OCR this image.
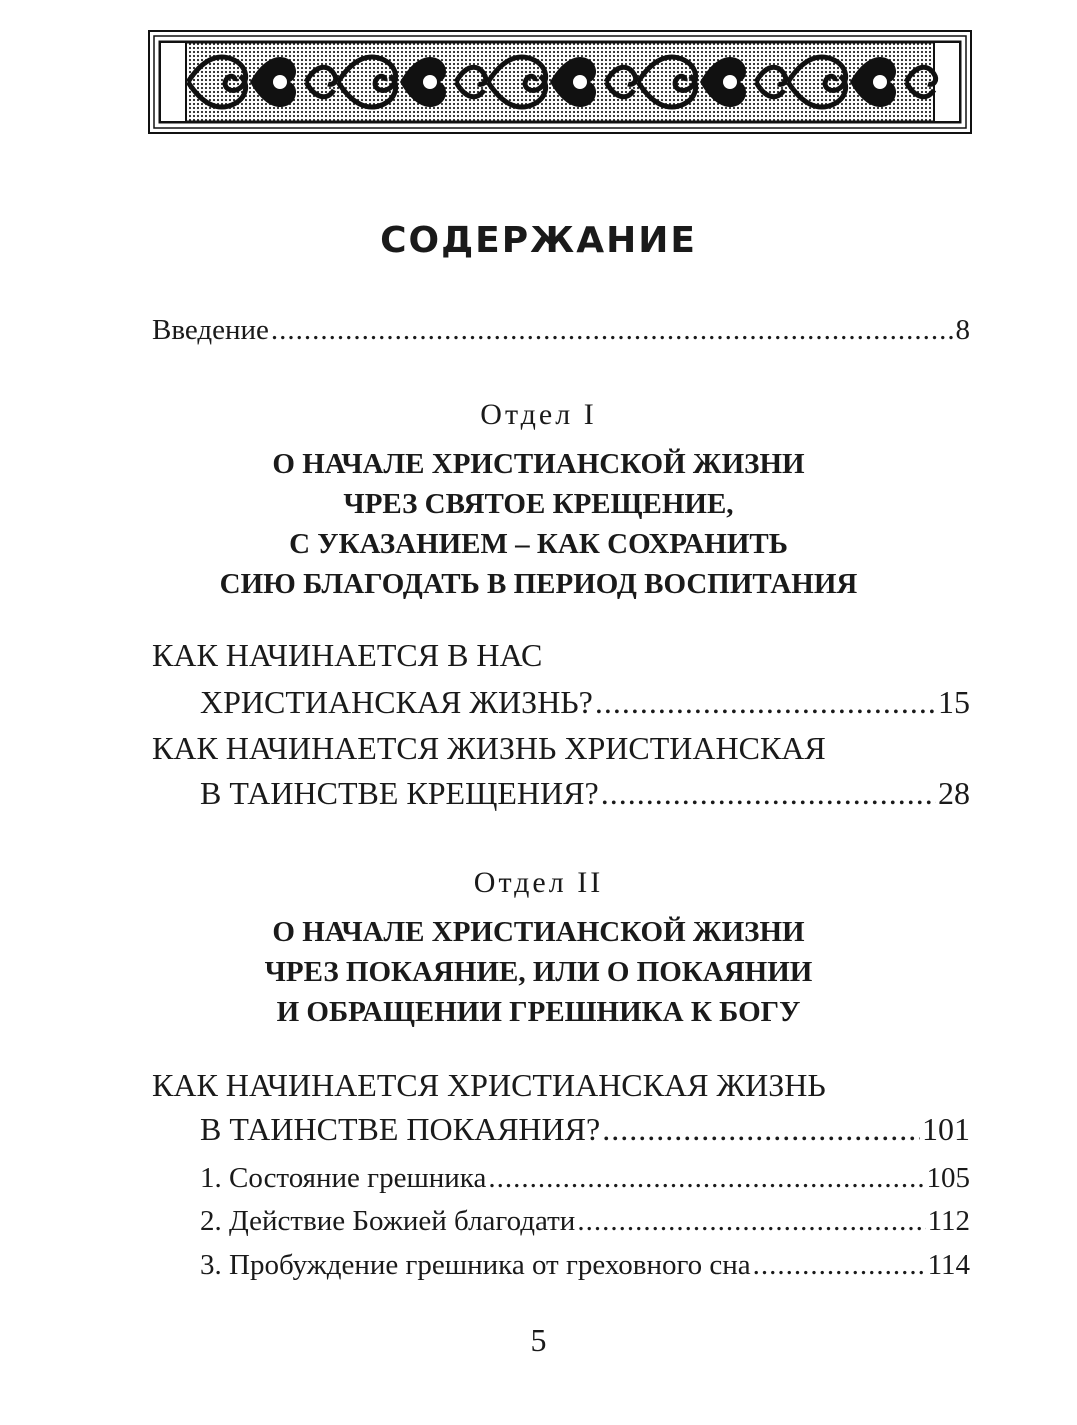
СОДЕРЖАНИЕ
Введение .....	8
Отдел I
О НАЧАЛЕ ХРИСТИАНСКОЙ ЖИЗНИ
ЧРЕЗ СВЯТОЕ КРЕЩЕНИЕ,
С УКАЗАНИЕМ – КАК СОХРАНИТЬ
СИЮ БЛАГОДАТЬ В ПЕРИОД ВОСПИТАНИЯ
КАК НАЧИНАЕТСЯ В НАС
ХРИСТИАНСКАЯ ЖИЗНЬ? .....	15
КАК НАЧИНАЕТСЯ ЖИЗНЬ ХРИСТИАНСКАЯ
В ТАИНСТВЕ КРЕЩЕНИЯ? .....	28
Отдел II
О НАЧАЛЕ ХРИСТИАНСКОЙ ЖИЗНИ
ЧРЕЗ ПОКАЯНИЕ, ИЛИ О ПОКАЯНИИ
И ОБРАЩЕНИИ ГРЕШНИКА К БОГУ
КАК НАЧИНАЕТСЯ ХРИСТИАНСКАЯ ЖИЗНЬ
В ТАИНСТВЕ ПОКАЯНИЯ? .....	101
1. Состояние грешника .....	105
2. Действие Божией благодати .....	112
3. Пробуждение грешника от греховного сна .....	114
5
